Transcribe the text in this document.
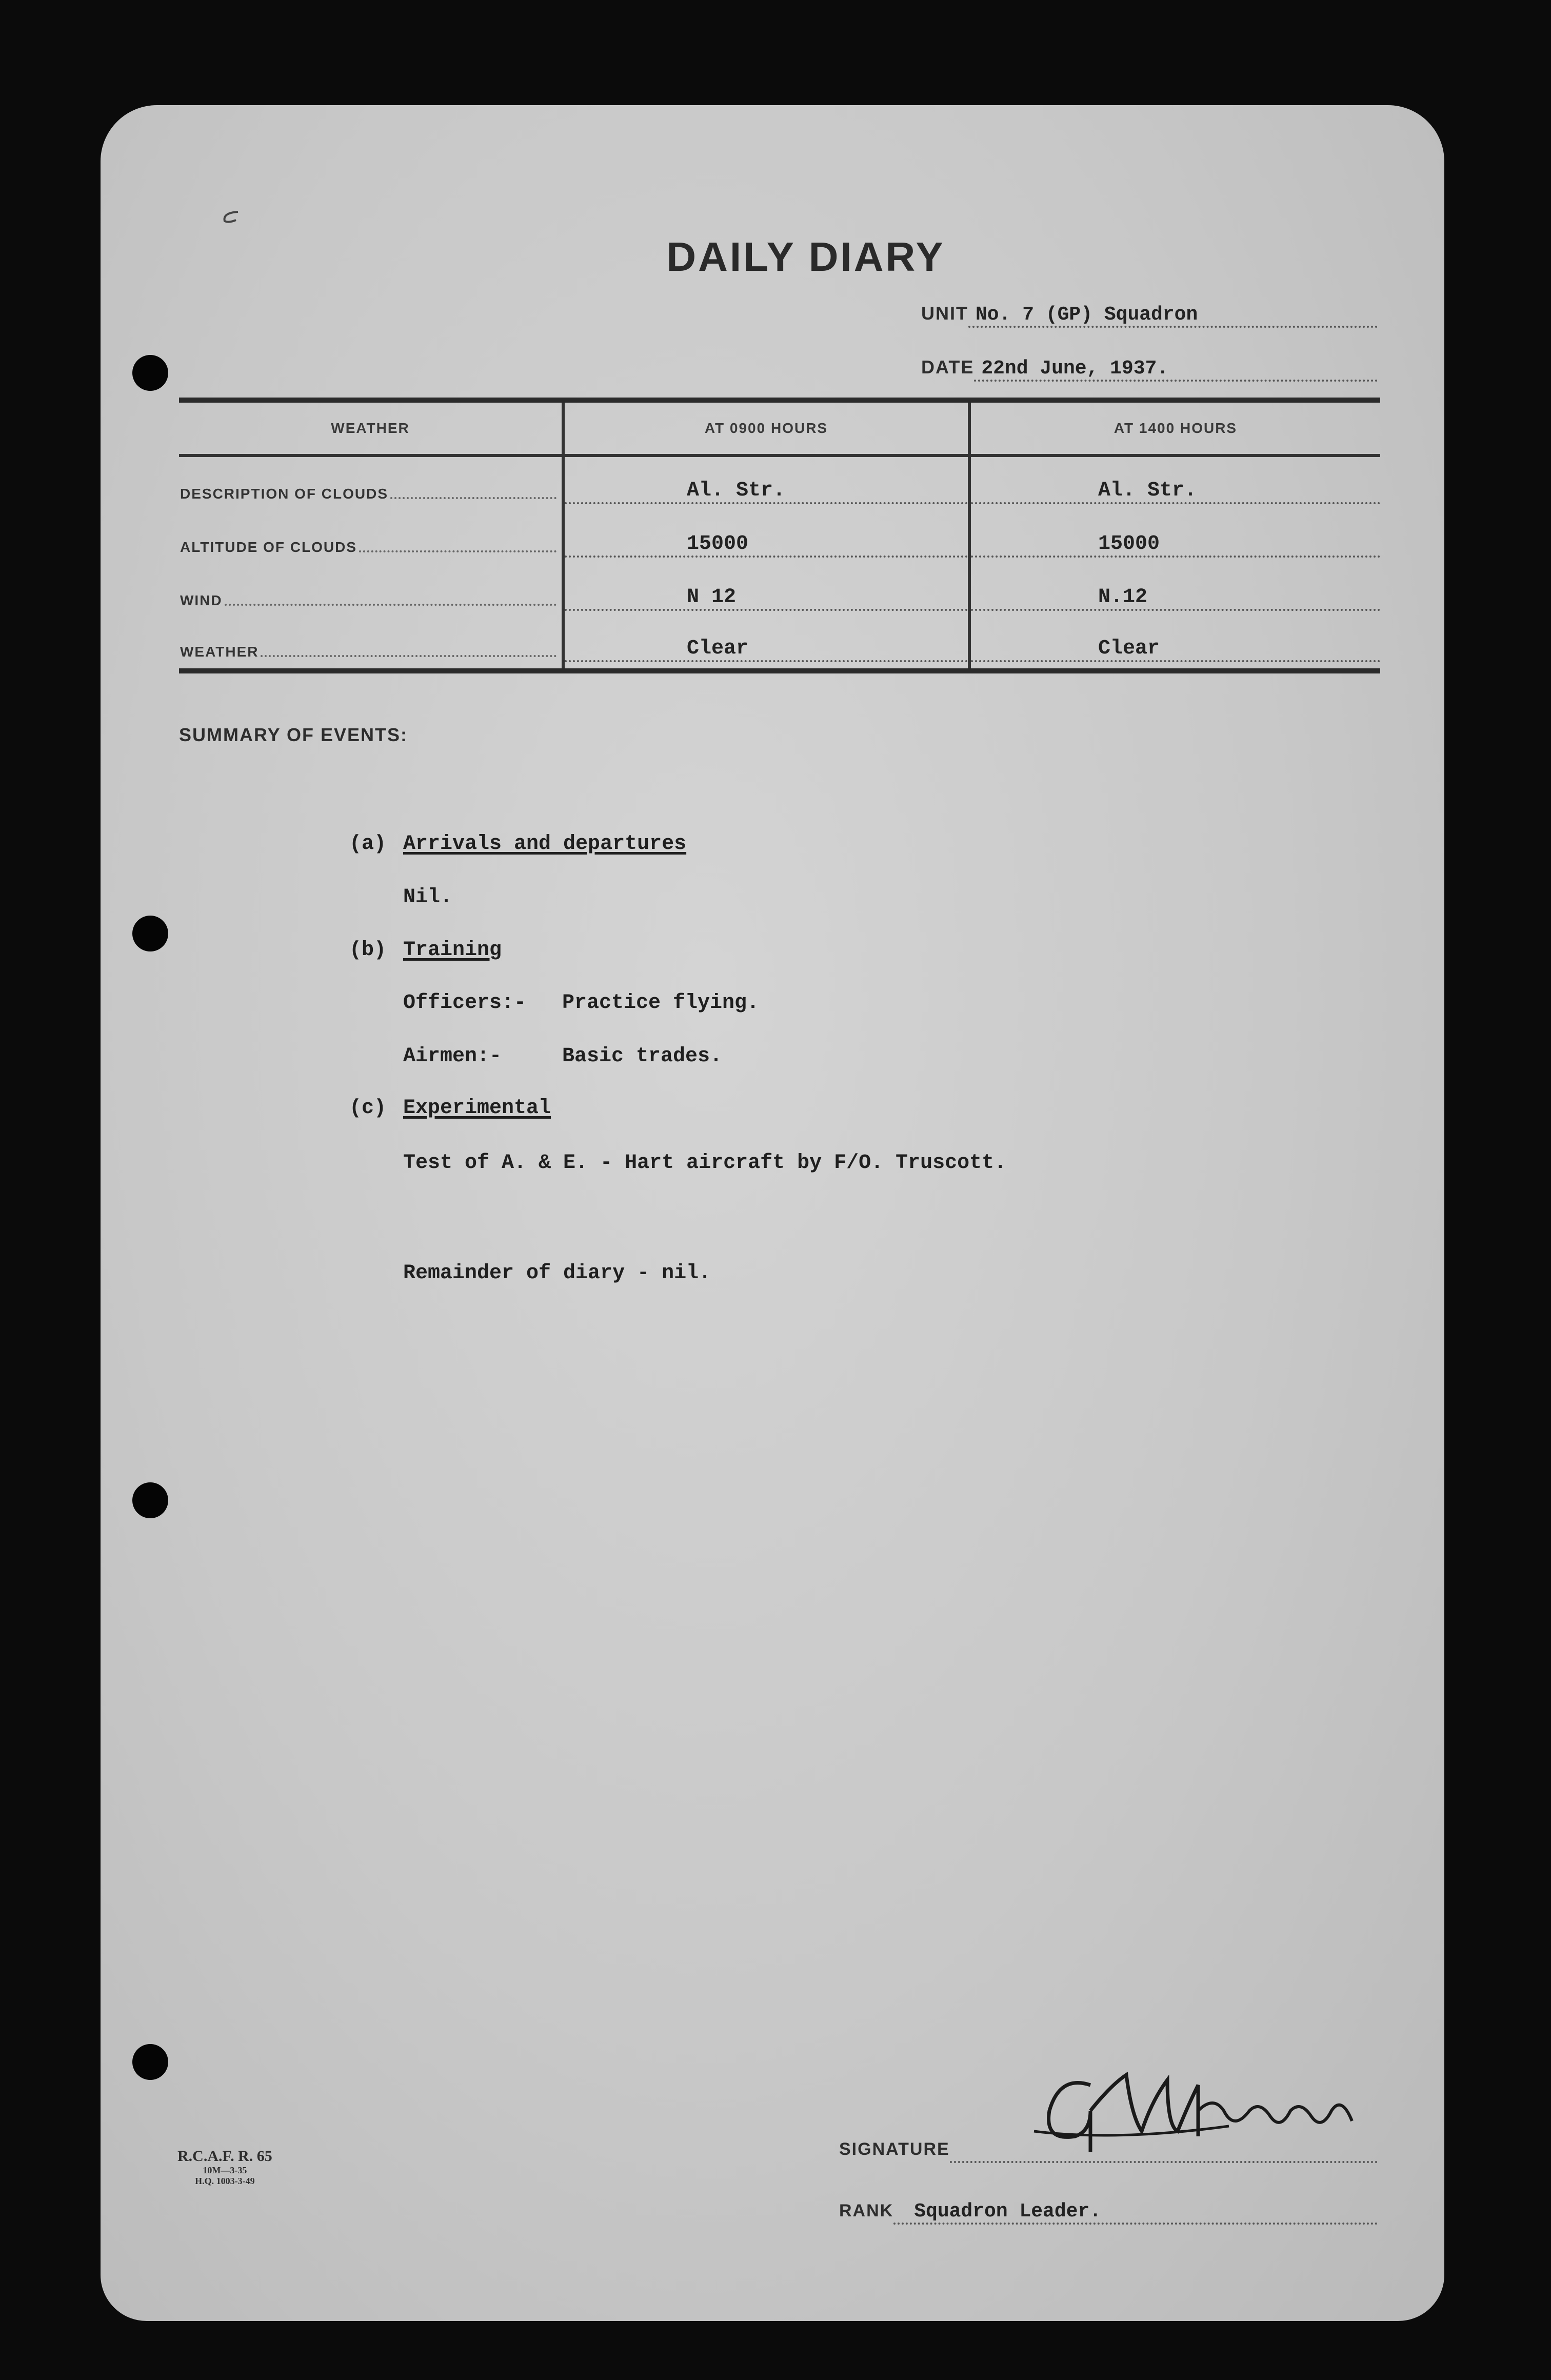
DAILY DIARY
UNIT No. 7 (GP) Squadron
DATE 22nd June, 1937.
WEATHER	AT 0900 HOURS	AT 1400 HOURS
DESCRIPTION OF CLOUDS	Al. Str.	Al. Str.
ALTITUDE OF CLOUDS	15000	15000
WIND	N 12	N.12
WEATHER	Clear	Clear
SUMMARY OF EVENTS:
(a) Arrivals and departures
Nil.
(b) Training
Officers:- Practice flying.
Airmen:-	Basic trades.
(c) Experimental
Test of A. & E. - Hart aircraft by F/O. Truscott.
Remainder of diary - nil.
SIGNATURE

RANK	Squadron Leader.
R.C.A.F. R. 65
10M—3-35
H.Q. 1003-3-49
